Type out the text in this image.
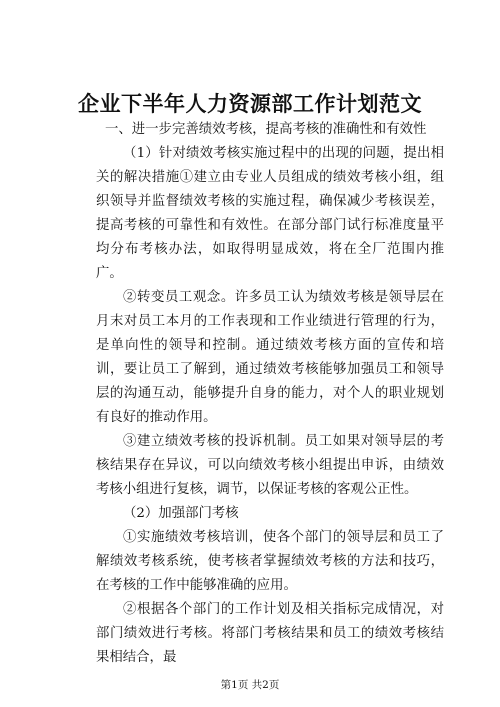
企业下半年人力资源部工作计划范文

一、进一步完善绩效考核，提高考核的准确性和有效性

（1）针对绩效考核实施过程中的出现的问题，提出相关的解决措施①建立由专业人员组成的绩效考核小组，组织领导并监督绩效考核的实施过程，确保减少考核误差，提高考核的可靠性和有效性。在部分部门试行标准度量平均分布考核办法，如取得明显成效，将在全厂范围内推广。

②转变员工观念。许多员工认为绩效考核是领导层在月末对员工本月的工作表现和工作业绩进行管理的行为，是单向性的领导和控制。通过绩效考核方面的宣传和培训，要让员工了解到，通过绩效考核能够加强员工和领导层的沟通互动，能够提升自身的能力，对个人的职业规划有良好的推动作用。

③建立绩效考核的投诉机制。员工如果对领导层的考核结果存在异议，可以向绩效考核小组提出申诉，由绩效考核小组进行复核，调节，以保证考核的客观公正性。

（2）加强部门考核

①实施绩效考核培训，使各个部门的领导层和员工了解绩效考核系统，使考核者掌握绩效考核的方法和技巧，在考核的工作中能够准确的应用。

②根据各个部门的工作计划及相关指标完成情况，对部门绩效进行考核。将部门考核结果和员工的绩效考核结果相结合，最

第1页 共2页
